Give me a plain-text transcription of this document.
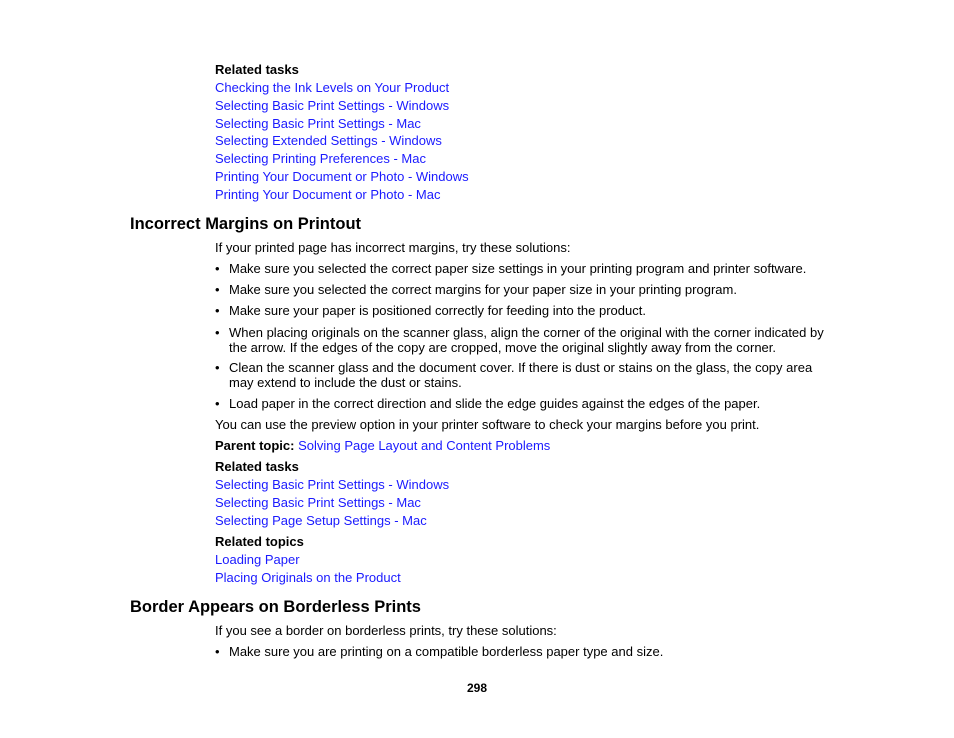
Related tasks
Checking the Ink Levels on Your Product
Selecting Basic Print Settings - Windows
Selecting Basic Print Settings - Mac
Selecting Extended Settings - Windows
Selecting Printing Preferences - Mac
Printing Your Document or Photo - Windows
Printing Your Document or Photo - Mac
Incorrect Margins on Printout
If your printed page has incorrect margins, try these solutions:
• Make sure you selected the correct paper size settings in your printing program and printer software.
• Make sure you selected the correct margins for your paper size in your printing program.
• Make sure your paper is positioned correctly for feeding into the product.
• When placing originals on the scanner glass, align the corner of the original with the corner indicated by the arrow. If the edges of the copy are cropped, move the original slightly away from the corner.
• Clean the scanner glass and the document cover. If there is dust or stains on the glass, the copy area may extend to include the dust or stains.
• Load paper in the correct direction and slide the edge guides against the edges of the paper.
You can use the preview option in your printer software to check your margins before you print.
Parent topic: Solving Page Layout and Content Problems
Related tasks
Selecting Basic Print Settings - Windows
Selecting Basic Print Settings - Mac
Selecting Page Setup Settings - Mac
Related topics
Loading Paper
Placing Originals on the Product
Border Appears on Borderless Prints
If you see a border on borderless prints, try these solutions:
• Make sure you are printing on a compatible borderless paper type and size.
298
